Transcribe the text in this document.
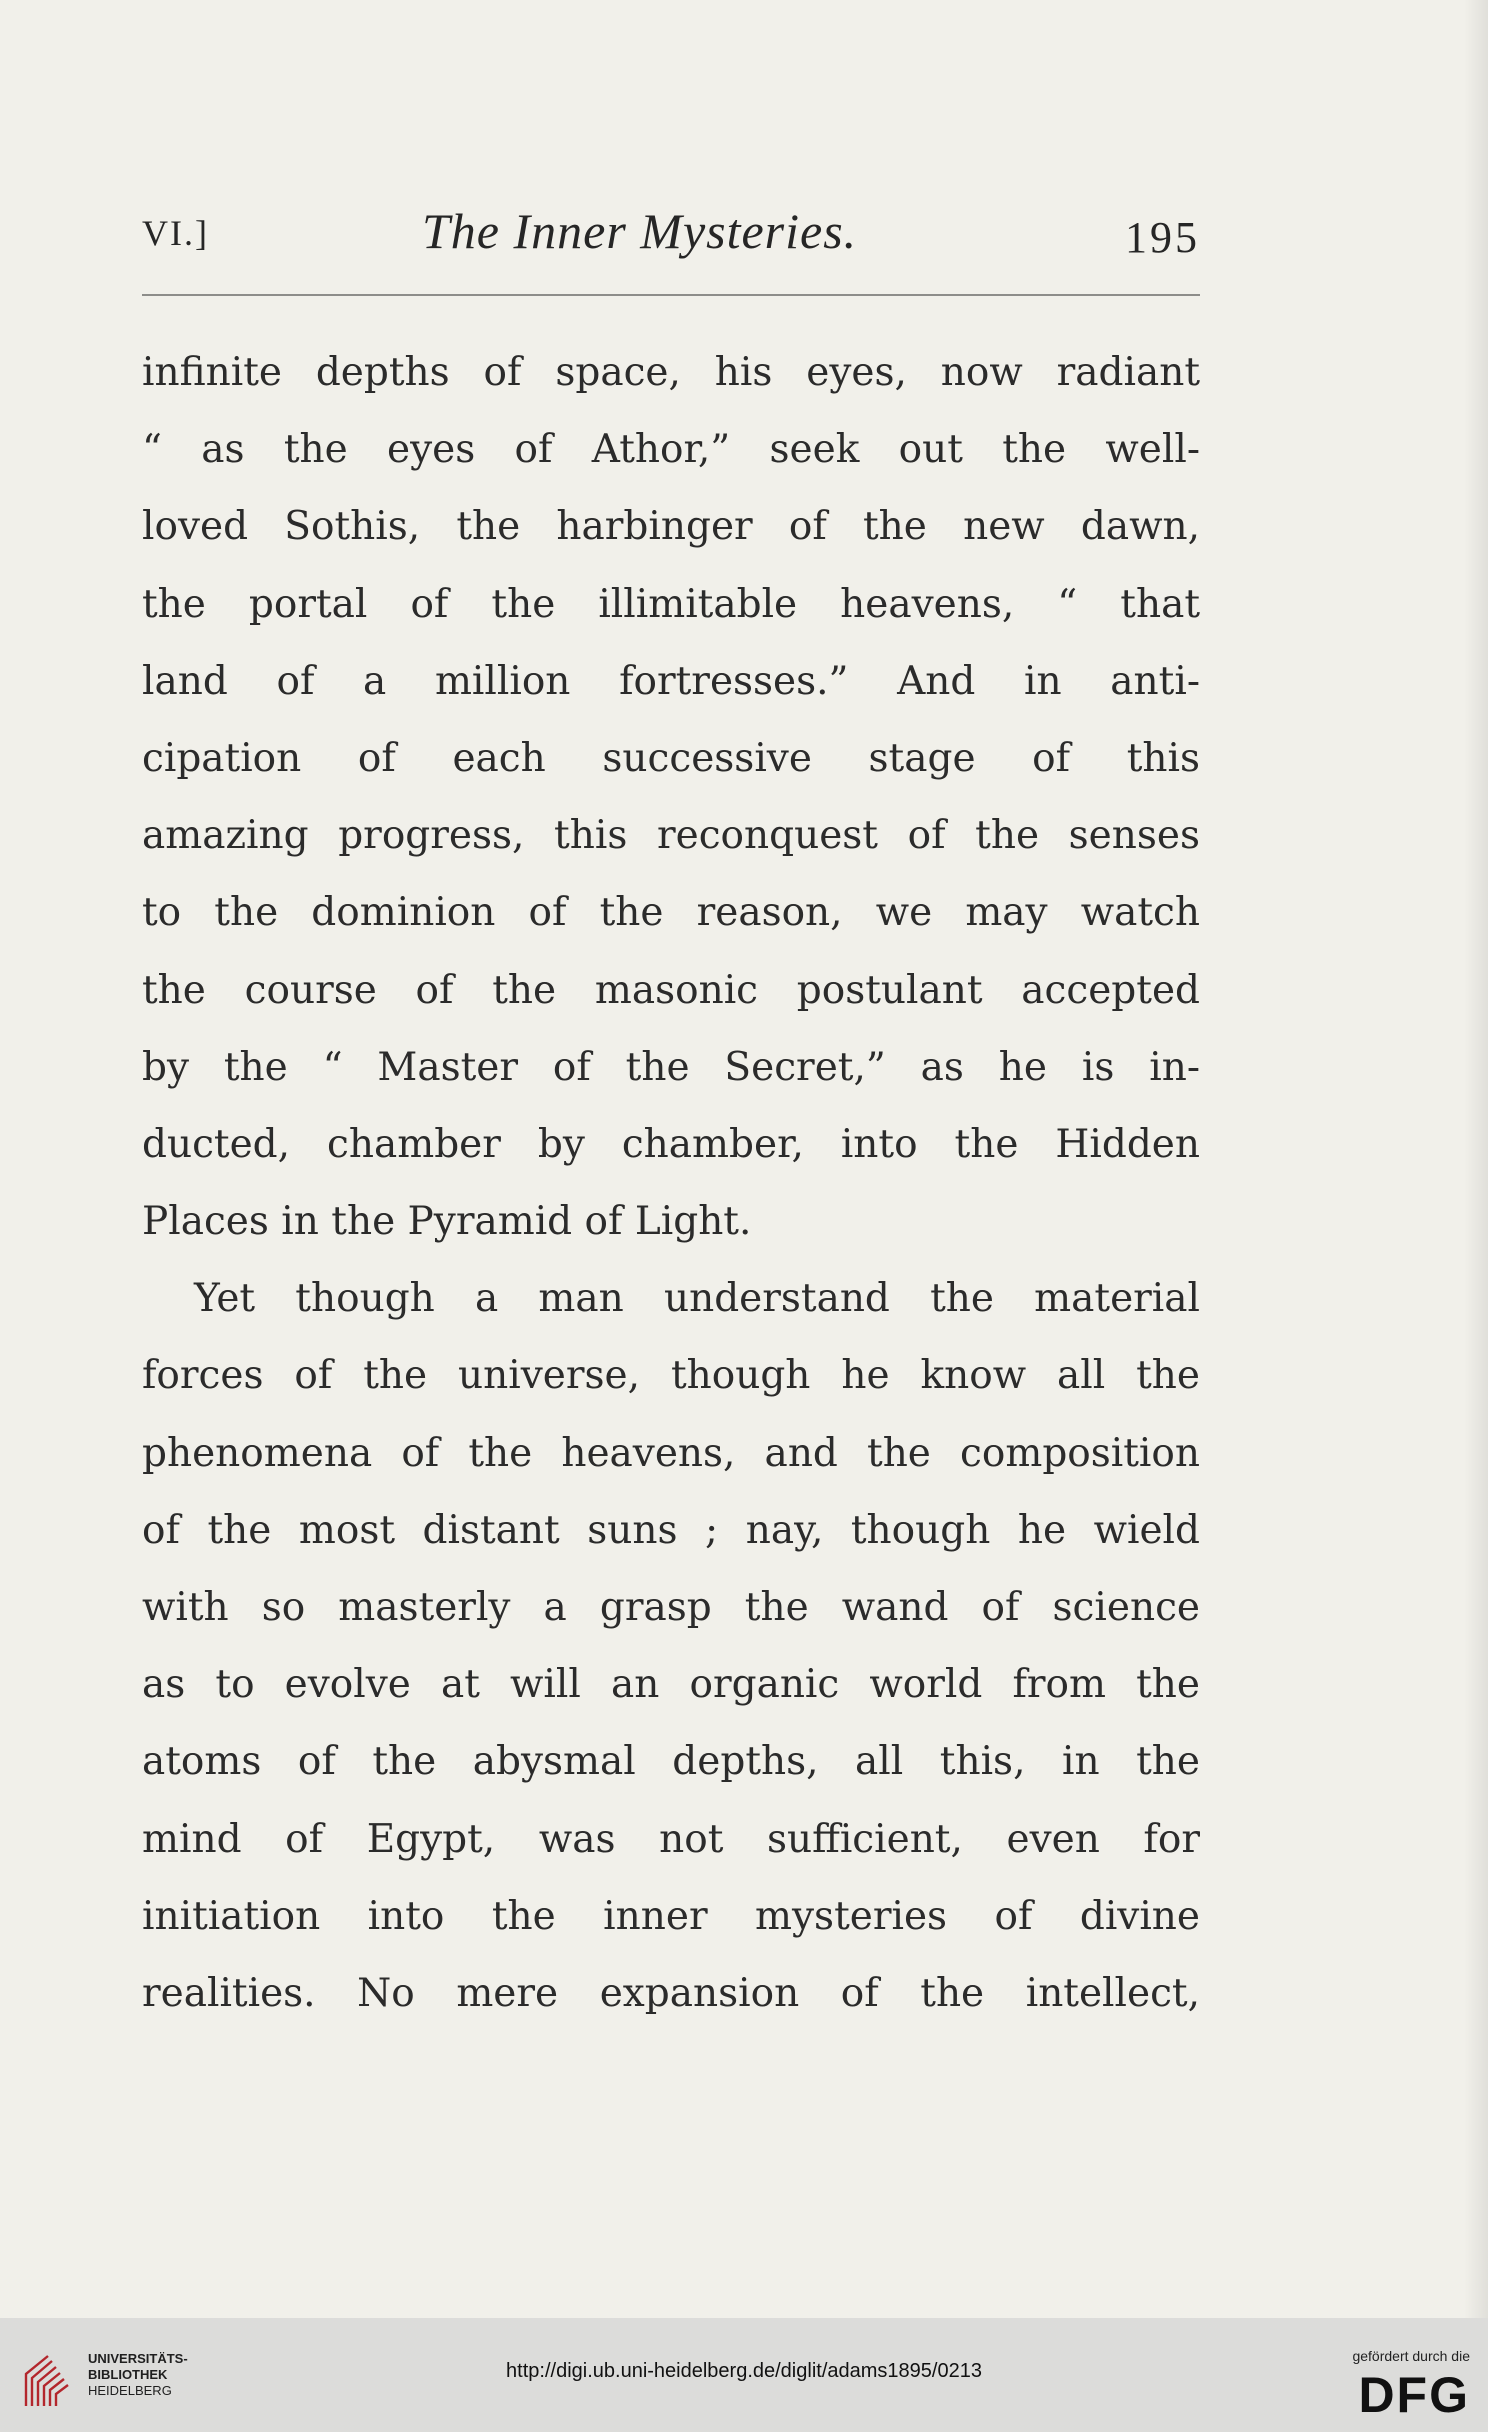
VI.]	The Inner Mysteries.	195
infinite depths of space, his eyes, now radiant
“ as the eyes of Athor,” seek out the well-
loved Sothis, the harbinger of the new dawn,
the portal of the illimitable heavens, “ that
land of a million fortresses.” And in anti-
cipation of each successive stage of this
amazing progress, this reconquest of the senses
to the dominion of the reason, we may watch
the course of the masonic postulant accepted
by the “ Master of the Secret,” as he is in-
ducted, chamber by chamber, into the Hidden
Places in the Pyramid of Light.
Yet though a man understand the material
forces of the universe, though he know all the
phenomena of the heavens, and the composition
of the most distant suns ; nay, though he wield
with so masterly a grasp the wand of science
as to evolve at will an organic world from the
atoms of the abysmal depths, all this, in the
mind of Egypt, was not sufficient, even for
initiation into the inner mysteries of divine
realities. No mere expansion of the intellect,
UNIVERSITÄTS-
BIBLIOTHEK
HEIDELBERG
http://digi.ub.uni-heidelberg.de/diglit/adams1895/0213
gefördert durch die
DFG
